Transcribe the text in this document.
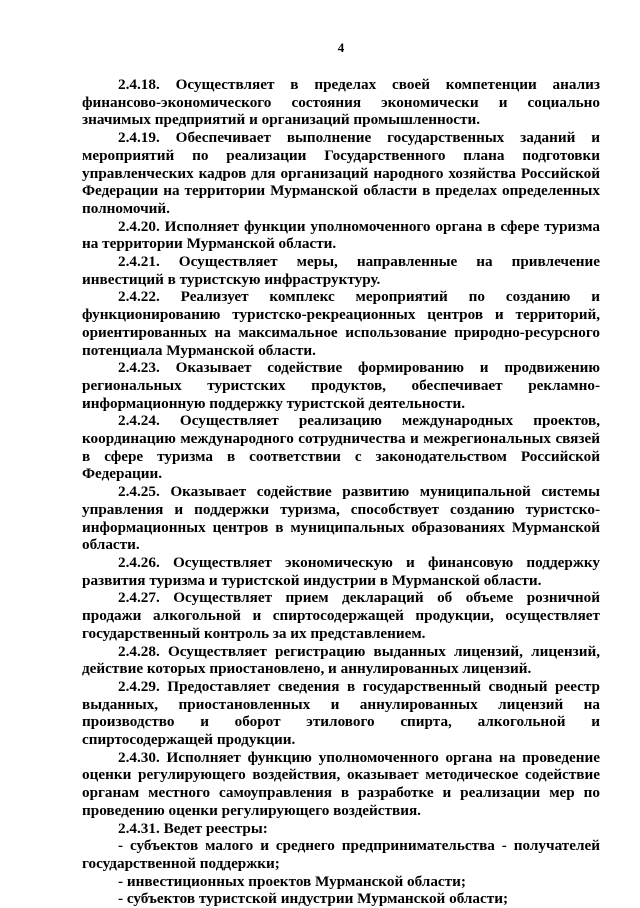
4

2.4.18. Осуществляет в пределах своей компетенции анализ финансово-экономического состояния экономически и социально значимых предприятий и организаций промышленности.

2.4.19. Обеспечивает выполнение государственных заданий и мероприятий по реализации Государственного плана подготовки управленческих кадров для организаций народного хозяйства Российской Федерации на территории Мурманской области в пределах определенных полномочий.

2.4.20. Исполняет функции уполномоченного органа в сфере туризма на территории Мурманской области.

2.4.21. Осуществляет меры, направленные на привлечение инвестиций в туристскую инфраструктуру.

2.4.22. Реализует комплекс мероприятий по созданию и функционированию туристско-рекреационных центров и территорий, ориентированных на максимальное использование природно-ресурсного потенциала Мурманской области.

2.4.23. Оказывает содействие формированию и продвижению региональных туристских продуктов, обеспечивает рекламно-информационную поддержку туристской деятельности.

2.4.24. Осуществляет реализацию международных проектов, координацию международного сотрудничества и межрегиональных связей в сфере туризма в соответствии с законодательством Российской Федерации.

2.4.25. Оказывает содействие развитию муниципальной системы управления и поддержки туризма, способствует созданию туристско-информационных центров в муниципальных образованиях Мурманской области.

2.4.26. Осуществляет экономическую и финансовую поддержку развития туризма и туристской индустрии в Мурманской области.

2.4.27. Осуществляет прием деклараций об объеме розничной продажи алкогольной и спиртосодержащей продукции, осуществляет государственный контроль за их представлением.

2.4.28. Осуществляет регистрацию выданных лицензий, лицензий, действие которых приостановлено, и аннулированных лицензий.

2.4.29. Предоставляет сведения в государственный сводный реестр выданных, приостановленных и аннулированных лицензий на производство и оборот этилового спирта, алкогольной и спиртосодержащей продукции.

2.4.30. Исполняет функцию уполномоченного органа на проведение оценки регулирующего воздействия, оказывает методическое содействие органам местного самоуправления в разработке и реализации мер по проведению оценки регулирующего воздействия.

2.4.31. Ведет реестры:

- субъектов малого и среднего предпринимательства - получателей государственной поддержки;

- инвестиционных проектов Мурманской области;

- субъектов туристской индустрии Мурманской области;
